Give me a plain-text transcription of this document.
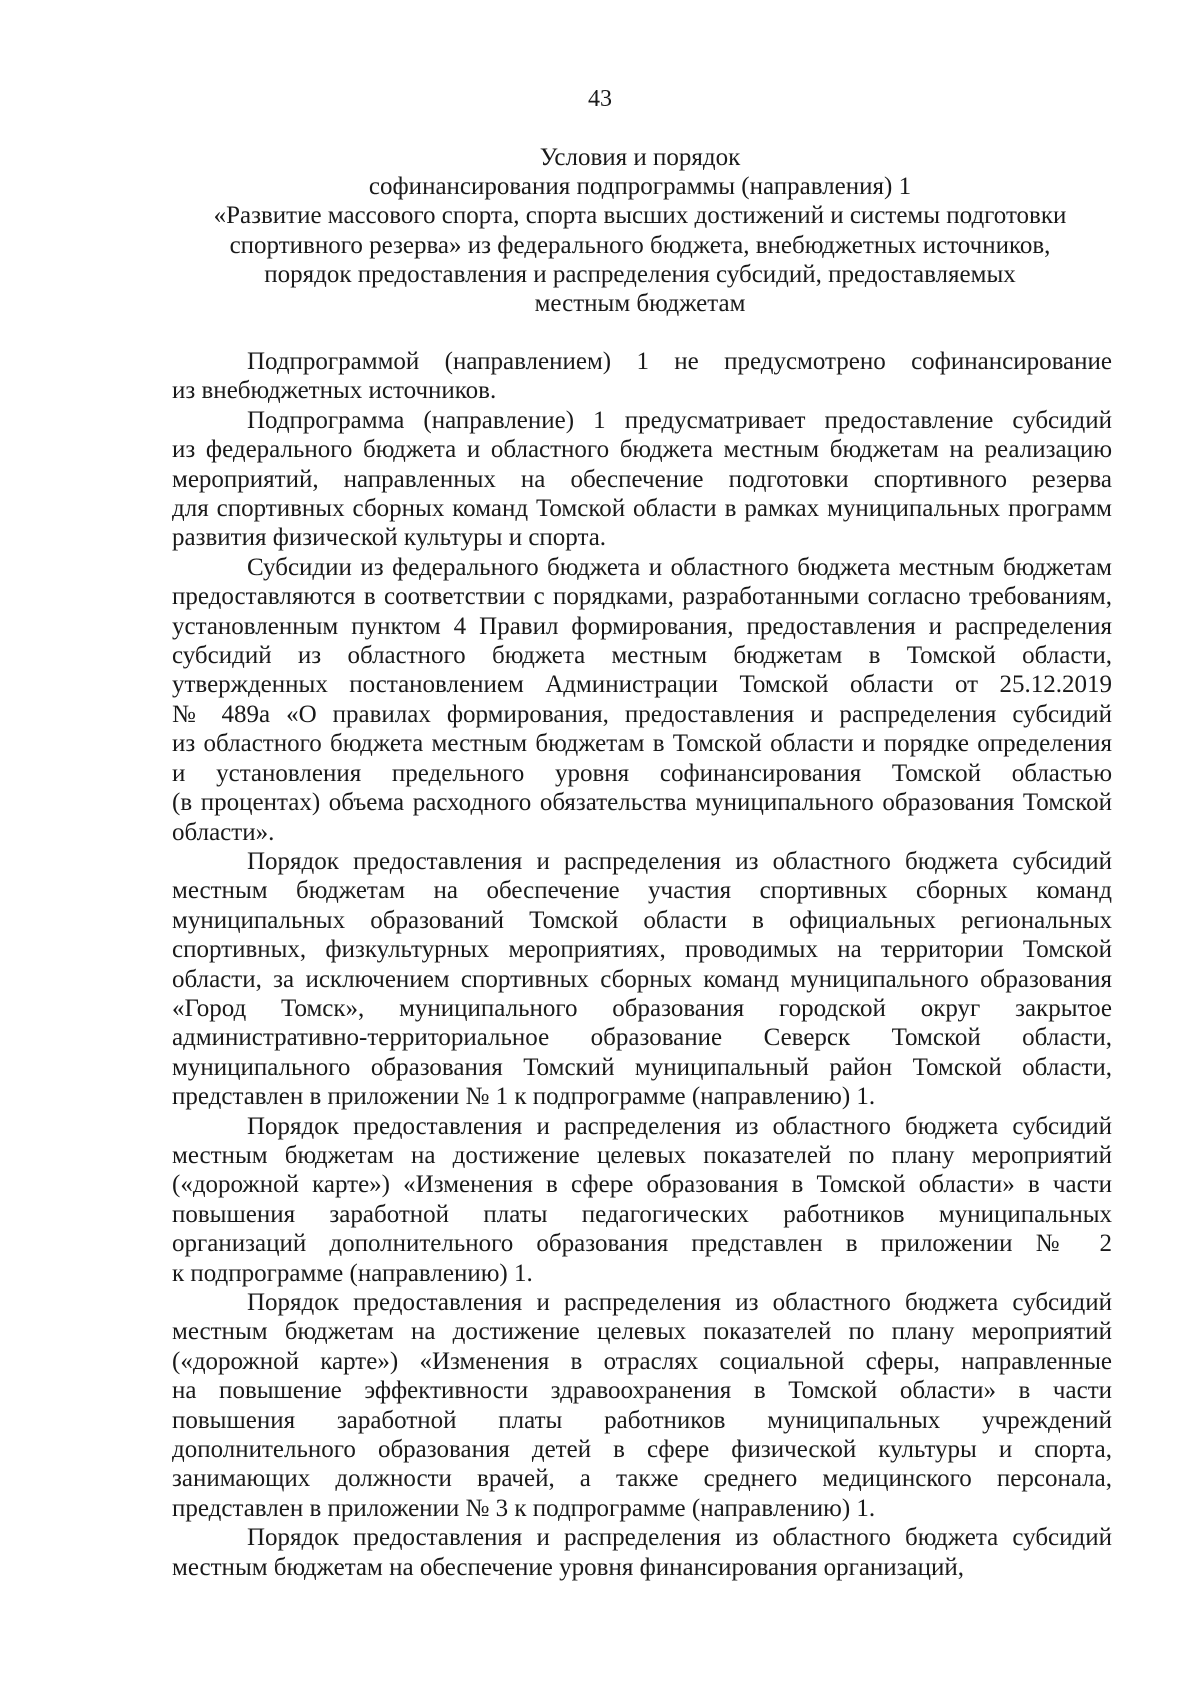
43
Условия и порядок
софинансирования подпрограммы (направления) 1
«Развитие массового спорта, спорта высших достижений и системы подготовки
спортивного резерва» из федерального бюджета, внебюджетных источников,
порядок предоставления и распределения субсидий, предоставляемых
местным бюджетам
Подпрограммой (направлением) 1 не предусмотрено софинансирование
из внебюджетных источников.
Подпрограмма (направление) 1 предусматривает предоставление субсидий
из федерального бюджета и областного бюджета местным бюджетам на реализацию
мероприятий, направленных на обеспечение подготовки спортивного резерва
для спортивных сборных команд Томской области в рамках муниципальных программ
развития физической культуры и спорта.
Субсидии из федерального бюджета и областного бюджета местным бюджетам
предоставляются в соответствии с порядками, разработанными согласно требованиям,
установленным пунктом 4 Правил формирования, предоставления и распределения
субсидий из областного бюджета местным бюджетам в Томской области,
утвержденных постановлением Администрации Томской области от 25.12.2019
№ 489а «О правилах формирования, предоставления и распределения субсидий
из областного бюджета местным бюджетам в Томской области и порядке определения
и установления предельного уровня софинансирования Томской областью
(в процентах) объема расходного обязательства муниципального образования Томской
области».
Порядок предоставления и распределения из областного бюджета субсидий
местным бюджетам на обеспечение участия спортивных сборных команд
муниципальных образований Томской области в официальных региональных
спортивных, физкультурных мероприятиях, проводимых на территории Томской
области, за исключением спортивных сборных команд муниципального образования
«Город Томск», муниципального образования городской округ закрытое
административно-территориальное образование Северск Томской области,
муниципального образования Томский муниципальный район Томской области,
представлен в приложении № 1 к подпрограмме (направлению) 1.
Порядок предоставления и распределения из областного бюджета субсидий
местным бюджетам на достижение целевых показателей по плану мероприятий
(«дорожной карте») «Изменения в сфере образования в Томской области» в части
повышения заработной платы педагогических работников муниципальных
организаций дополнительного образования представлен в приложении № 2
к подпрограмме (направлению) 1.
Порядок предоставления и распределения из областного бюджета субсидий
местным бюджетам на достижение целевых показателей по плану мероприятий
(«дорожной карте») «Изменения в отраслях социальной сферы, направленные
на повышение эффективности здравоохранения в Томской области» в части
повышения заработной платы работников муниципальных учреждений
дополнительного образования детей в сфере физической культуры и спорта,
занимающих должности врачей, а также среднего медицинского персонала,
представлен в приложении № 3 к подпрограмме (направлению) 1.
Порядок предоставления и распределения из областного бюджета субсидий
местным бюджетам на обеспечение уровня финансирования организаций,
